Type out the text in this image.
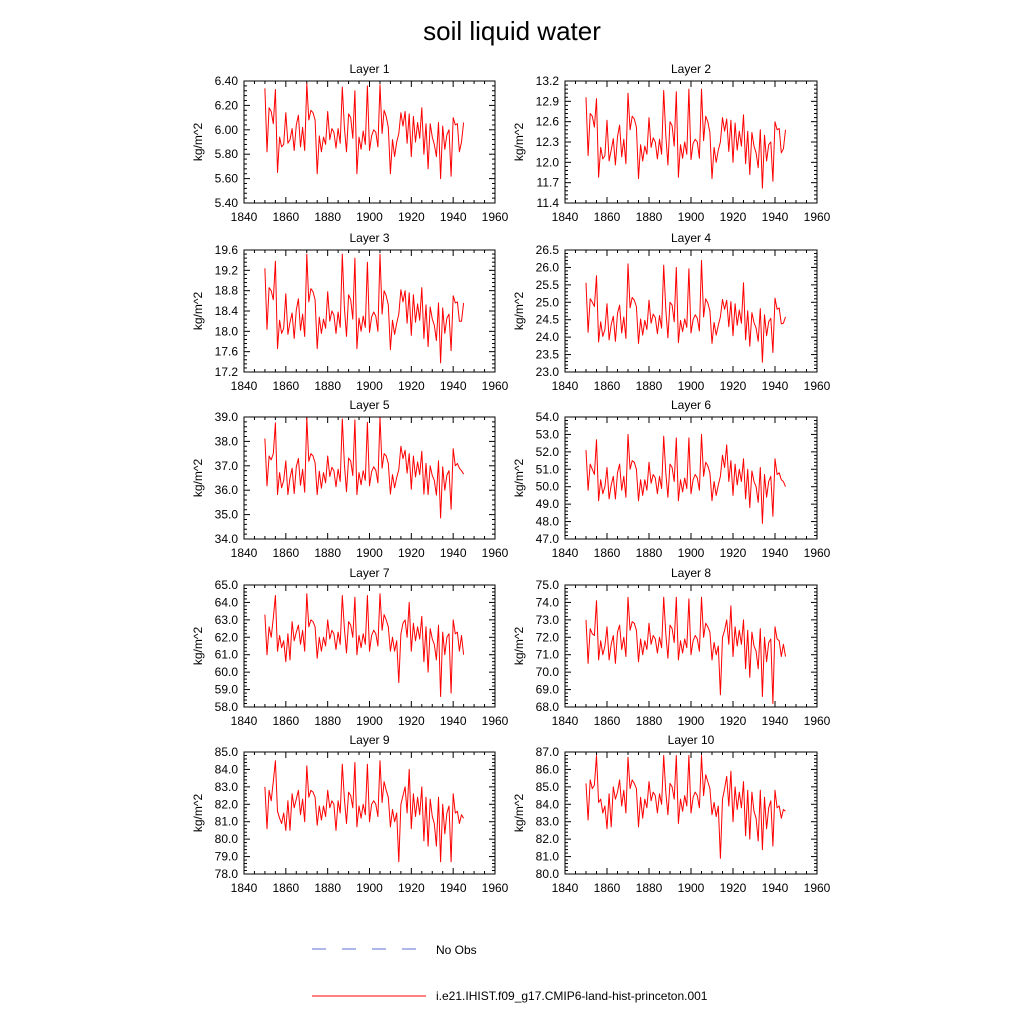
soil liquid water
Layer 1
kg/m^2
1840 1860 1880 1900 1920 1940 1960
5.40
5.60
5.80
6.00
6.20
6.40
Layer 2
kg/m^2
1840 1860 1880 1900 1920 1940 1960
11.4
11.7
12.0
12.3
12.6
12.9
13.2
Layer 3
kg/m^2
1840 1860 1880 1900 1920 1940 1960
17.2
17.6
18.0
18.4
18.8
19.2
19.6
Layer 4
kg/m^2
1840 1860 1880 1900 1920 1940 1960
23.0
23.5
24.0
24.5
25.0
25.5
26.0
26.5
Layer 5
kg/m^2
1840 1860 1880 1900 1920 1940 1960
34.0
35.0
36.0
37.0
38.0
39.0
Layer 6
kg/m^2
1840 1860 1880 1900 1920 1940 1960
47.0
48.0
49.0
50.0
51.0
52.0
53.0
54.0
Layer 7
kg/m^2
1840 1860 1880 1900 1920 1940 1960
58.0
59.0
60.0
61.0
62.0
63.0
64.0
65.0
Layer 8
kg/m^2
1840 1860 1880 1900 1920 1940 1960
68.0
69.0
70.0
71.0
72.0
73.0
74.0
75.0
Layer 9
kg/m^2
1840 1860 1880 1900 1920 1940 1960
78.0
79.0
80.0
81.0
82.0
83.0
84.0
85.0
Layer 10
kg/m^2
1840 1860 1880 1900 1920 1940 1960
80.0
81.0
82.0
83.0
84.0
85.0
86.0
87.0
No Obs
i.e21.IHIST.f09_g17.CMIP6-land-hist-princeton.001
